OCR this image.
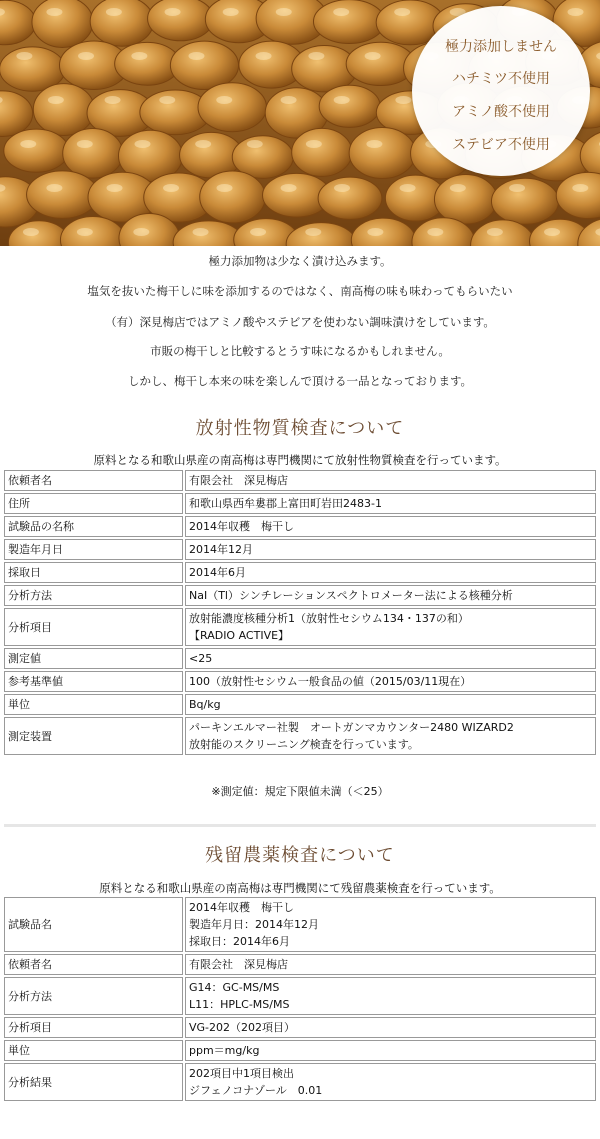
極力添加しません
ハチミツ不使用
アミノ酸不使用
ステビア不使用
極力添加物は少なく漬け込みます。
塩気を抜いた梅干しに味を添加するのではなく、南高梅の味も味わってもらいたい
（有）深見梅店ではアミノ酸やステビアを使わない調味漬けをしています。
市販の梅干しと比較するとうす味になるかもしれません。
しかし、梅干し本来の味を楽しんで頂ける一品となっております。
放射性物質検査について
原料となる和歌山県産の南高梅は専門機関にて放射性物質検査を行っています。
依頼者名	有限会社　深見梅店

住所	和歌山県西牟婁郡上富田町岩田2483-1

試験品の名称	2014年収穫　梅干し

製造年月日	2014年12月

採取日	2014年6月

分析方法	NaI（Tl）シンチレーションスペクトロメーター法による核種分析

分析項目	放射能濃度核種分析1（放射性セシウム134・137の和）
【RADIO ACTIVE】

測定値	<25

参考基準値	100（放射性セシウム一般食品の値（2015/03/11現在）

単位	Bq/kg

測定装置	パーキンエルマー社製　オートガンマカウンター2480 WIZARD2
放射能のスクリーニング検査を行っています。
※測定値：規定下限値未満（＜25）
残留農薬検査について
原料となる和歌山県産の南高梅は専門機関にて残留農薬検査を行っています。
試験品名	2014年収穫　梅干し
製造年月日：2014年12月
採取日：2014年6月

依頼者名	有限会社　深見梅店

分析方法	G14：GC-MS/MS
L11：HPLC-MS/MS

分析項目	VG-202（202項目）

単位	ppm＝mg/kg

分析結果	202項目中1項目検出
ジフェノコナゾール　0.01
